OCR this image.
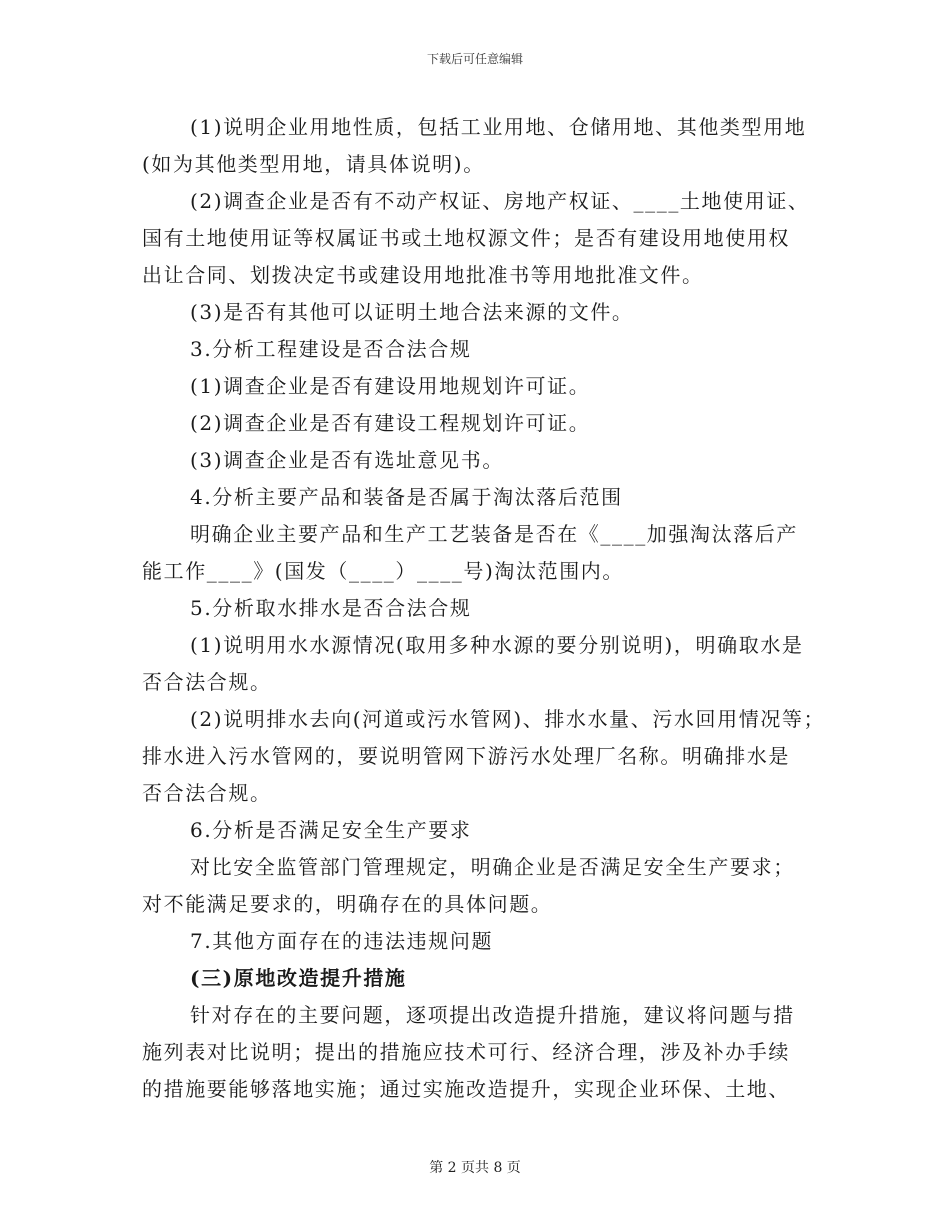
下载后可任意编辑
(1)说明企业用地性质，包括工业用地、仓储用地、其他类型用地
(如为其他类型用地，请具体说明)。
(2)调查企业是否有不动产权证、房地产权证、____土地使用证、
国有土地使用证等权属证书或土地权源文件；是否有建设用地使用权
出让合同、划拨决定书或建设用地批准书等用地批准文件。
(3)是否有其他可以证明土地合法来源的文件。
3.分析工程建设是否合法合规
(1)调查企业是否有建设用地规划许可证。
(2)调查企业是否有建设工程规划许可证。
(3)调查企业是否有选址意见书。
4.分析主要产品和装备是否属于淘汰落后范围
明确企业主要产品和生产工艺装备是否在《____加强淘汰落后产
能工作____》(国发（____）____号)淘汰范围内。
5.分析取水排水是否合法合规
(1)说明用水水源情况(取用多种水源的要分别说明)，明确取水是
否合法合规。
(2)说明排水去向(河道或污水管网)、排水水量、污水回用情况等；
排水进入污水管网的，要说明管网下游污水处理厂名称。明确排水是
否合法合规。
6.分析是否满足安全生产要求
对比安全监管部门管理规定，明确企业是否满足安全生产要求；
对不能满足要求的，明确存在的具体问题。
7.其他方面存在的违法违规问题
(三)原地改造提升措施
针对存在的主要问题，逐项提出改造提升措施，建议将问题与措
施列表对比说明；提出的措施应技术可行、经济合理，涉及补办手续
的措施要能够落地实施；通过实施改造提升，实现企业环保、土地、
第 2 页共 8 页
